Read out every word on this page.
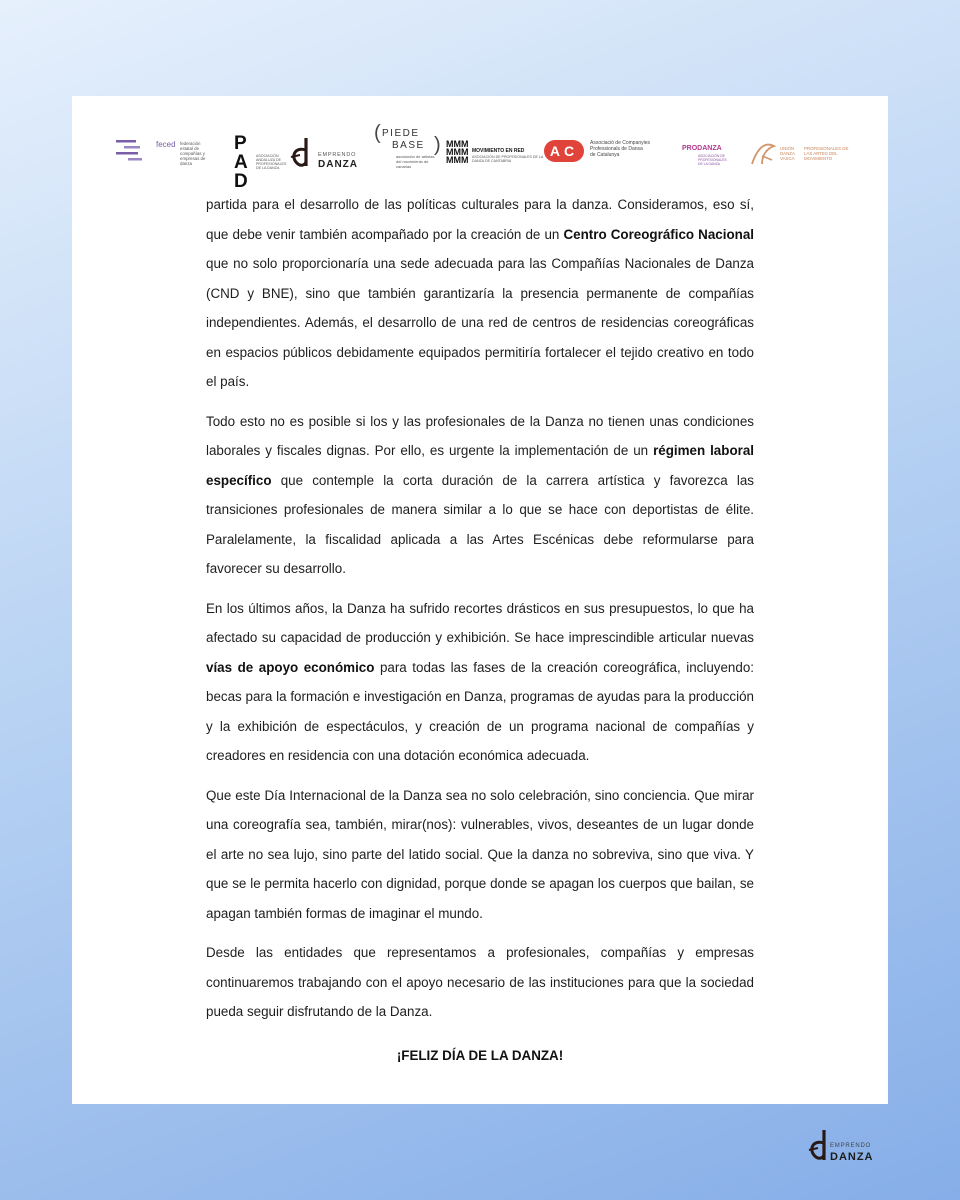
feced federación estatal de compañías y empresas de danza
PAD
ASOCIACIÓN ANDALUZA DE PROFESIONALES DE LA DANZA
EMPRENDO
DANZA
PIEDE
BASE
(
)
asociación de artistas del movimiento de canarias
MMM MMM MMM
MOVIMIENTO EN RED
ASOCIACIÓN DE PROFESIONALES DE LA DANZA DE CANTABRIA
AC	Associació de Companyies
Professionals de Dansa
de Catalunya
PRODANZA
ASOCIACIÓN DE PROFESIONALES DE LA DANZA
UNIÓN DANZA VASCA
PROFESIONALES DE LAS ARTES DEL MOVIMIENTO

partida para el desarrollo de las políticas culturales para la danza. Consideramos, eso sí, que debe venir también acompañado por la creación de un Centro Coreográfico Nacional que no solo proporcionaría una sede adecuada para las Compañías Nacionales de Danza (CND y BNE), sino que también garantizaría la presencia permanente de compañías independientes. Además, el desarrollo de una red de centros de residencias coreográficas en espacios públicos debidamente equipados permitiría fortalecer el tejido creativo en todo el país.

Todo esto no es posible si los y las profesionales de la Danza no tienen unas condiciones laborales y fiscales dignas. Por ello, es urgente la implementación de un régimen laboral específico que contemple la corta duración de la carrera artística y favorezca las transiciones profesionales de manera similar a lo que se hace con deportistas de élite. Paralelamente, la fiscalidad aplicada a las Artes Escénicas debe reformularse para favorecer su desarrollo.

En los últimos años, la Danza ha sufrido recortes drásticos en sus presupuestos, lo que ha afectado su capacidad de producción y exhibición. Se hace imprescindible articular nuevas vías de apoyo económico para todas las fases de la creación coreográfica, incluyendo: becas para la formación e investigación en Danza, programas de ayudas para la producción y la exhibición de espectáculos, y creación de un programa nacional de compañías y creadores en residencia con una dotación económica adecuada.

Que este Día Internacional de la Danza sea no solo celebración, sino conciencia. Que mirar una coreografía sea, también, mirar(nos): vulnerables, vivos, deseantes de un lugar donde el arte no sea lujo, sino parte del latido social. Que la danza no sobreviva, sino que viva. Y que se le permita hacerlo con dignidad, porque donde se apagan los cuerpos que bailan, se apagan también formas de imaginar el mundo.

Desde las entidades que representamos a profesionales, compañías y empresas continuaremos trabajando con el apoyo necesario de las instituciones para que la sociedad pueda seguir disfrutando de la Danza.

¡FELIZ DÍA DE LA DANZA!
EMPRENDO
DANZA
